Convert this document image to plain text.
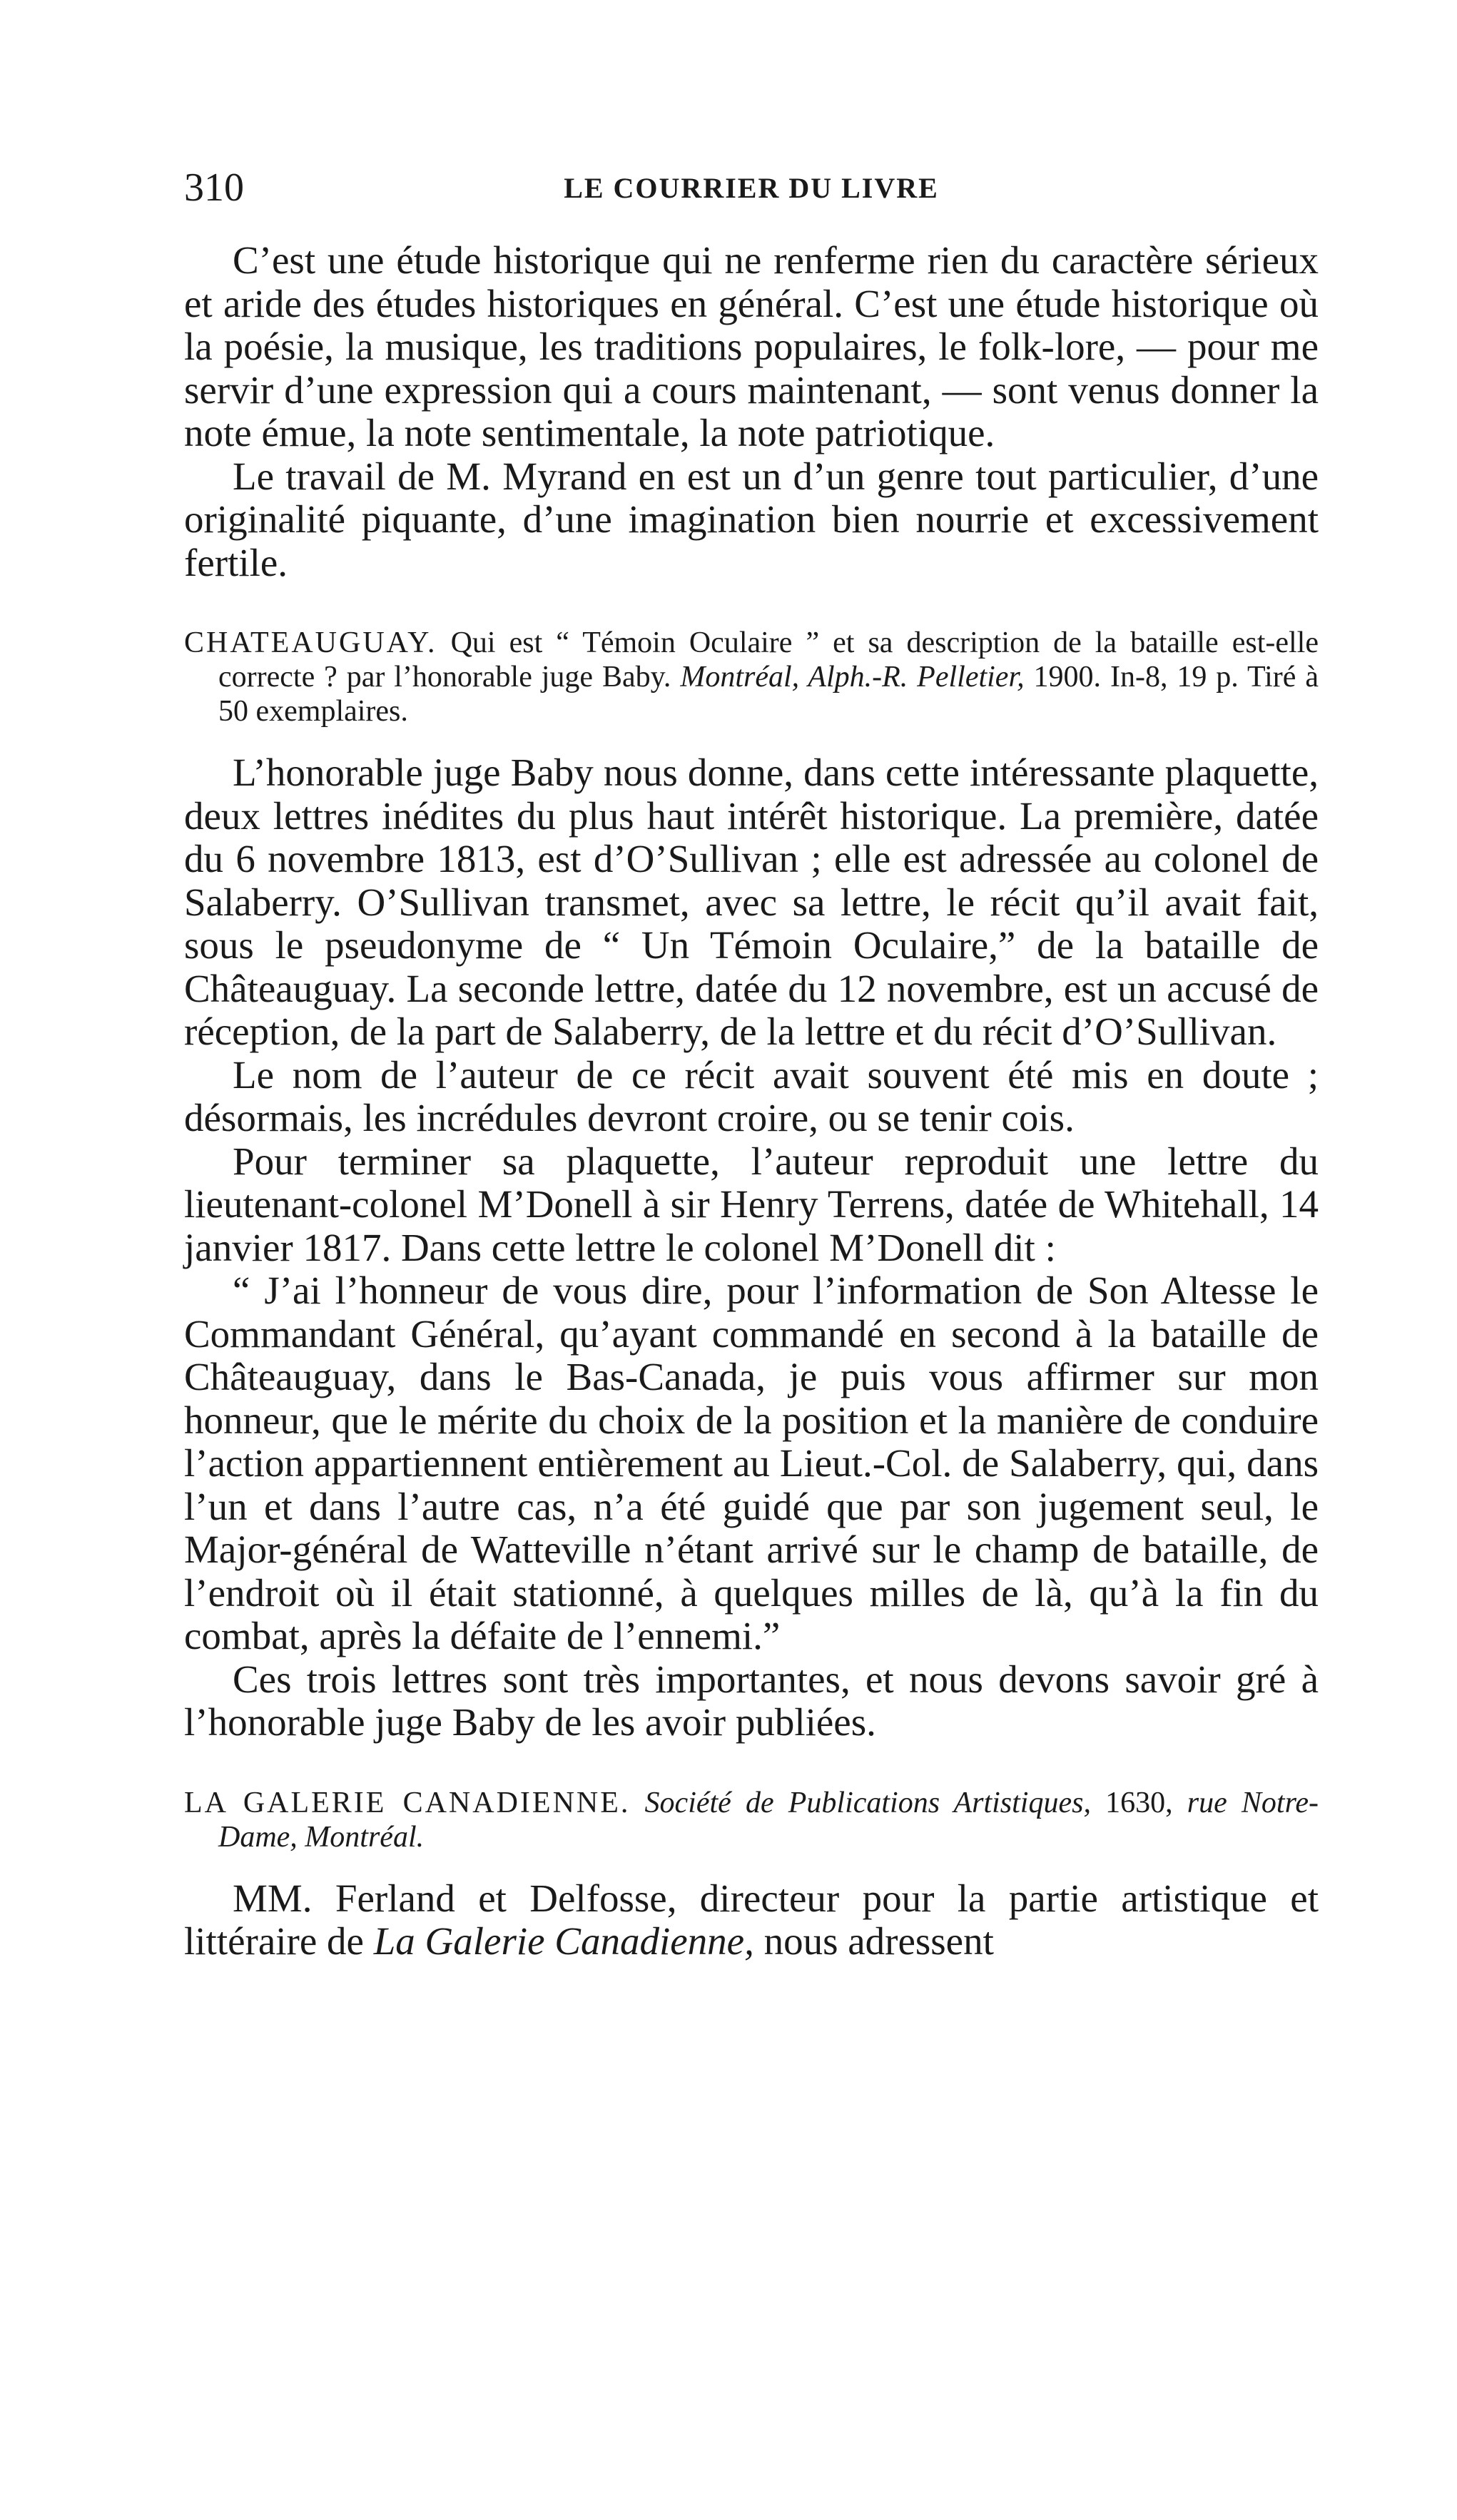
310	LE COURRIER DU LIVRE

C’est une étude historique qui ne renferme rien du caractère sérieux et aride des études historiques en général. C’est une étude historique où la poésie, la musique, les traditions populaires, le folk-lore, — pour me servir d’une expression qui a cours maintenant, — sont venus donner la note émue, la note sentimentale, la note patriotique.

Le travail de M. Myrand en est un d’un genre tout particulier, d’une originalité piquante, d’une imagination bien nourrie et excessivement fertile.

CHATEAUGUAY. Qui est “ Témoin Oculaire ” et sa description de la bataille est-elle correcte ? par l’honorable juge Baby. Montréal, Alph.-R. Pelletier, 1900. In-8, 19 p. Tiré à 50 exemplaires.

L’honorable juge Baby nous donne, dans cette intéressante plaquette, deux lettres inédites du plus haut intérêt historique. La première, datée du 6 novembre 1813, est d’O’Sullivan ; elle est adressée au colonel de Salaberry. O’Sullivan transmet, avec sa lettre, le récit qu’il avait fait, sous le pseudonyme de “ Un Témoin Oculaire,” de la bataille de Châteauguay. La seconde lettre, datée du 12 novembre, est un accusé de réception, de la part de Salaberry, de la lettre et du récit d’O’Sullivan.

Le nom de l’auteur de ce récit avait souvent été mis en doute ; désormais, les incrédules devront croire, ou se tenir cois.

Pour terminer sa plaquette, l’auteur reproduit une lettre du lieutenant-colonel M’Donell à sir Henry Terrens, datée de Whitehall, 14 janvier 1817. Dans cette lettre le colonel M’Donell dit :

“ J’ai l’honneur de vous dire, pour l’information de Son Altesse le Commandant Général, qu’ayant commandé en second à la bataille de Châteauguay, dans le Bas-Canada, je puis vous affirmer sur mon honneur, que le mérite du choix de la position et la manière de conduire l’action appartiennent entièrement au Lieut.-Col. de Salaberry, qui, dans l’un et dans l’autre cas, n’a été guidé que par son jugement seul, le Major-général de Watteville n’étant arrivé sur le champ de bataille, de l’endroit où il était stationné, à quelques milles de là, qu’à la fin du combat, après la défaite de l’ennemi.”

Ces trois lettres sont très importantes, et nous devons savoir gré à l’honorable juge Baby de les avoir publiées.

LA GALERIE CANADIENNE. Société de Publications Artistiques, 1630, rue Notre-Dame, Montréal.

MM. Ferland et Delfosse, directeur pour la partie artistique et littéraire de La Galerie Canadienne, nous adressent
